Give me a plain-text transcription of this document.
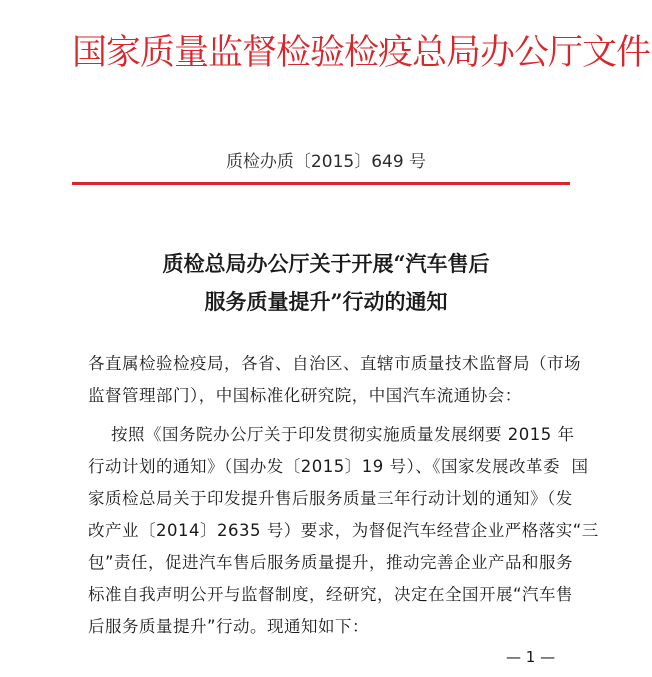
国家质量监督检验检疫总局办公厅文件
质检办质〔2015〕649 号
质检总局办公厅关于开展“汽车售后
服务质量提升”行动的通知
各直属检验检疫局，各省、自治区、直辖市质量技术监督局（市场
监督管理部门），中国标准化研究院，中国汽车流通协会：
按照《国务院办公厅关于印发贯彻实施质量发展纲要 2015 年
行动计划的通知》（国办发〔2015〕19 号）、《国家发展改革委  国
家质检总局关于印发提升售后服务质量三年行动计划的通知》（发
改产业〔2014〕2635 号）要求，为督促汽车经营企业严格落实“三
包”责任，促进汽车售后服务质量提升，推动完善企业产品和服务
标准自我声明公开与监督制度，经研究，决定在全国开展“汽车售
后服务质量提升”行动。现通知如下：
— 1 —
